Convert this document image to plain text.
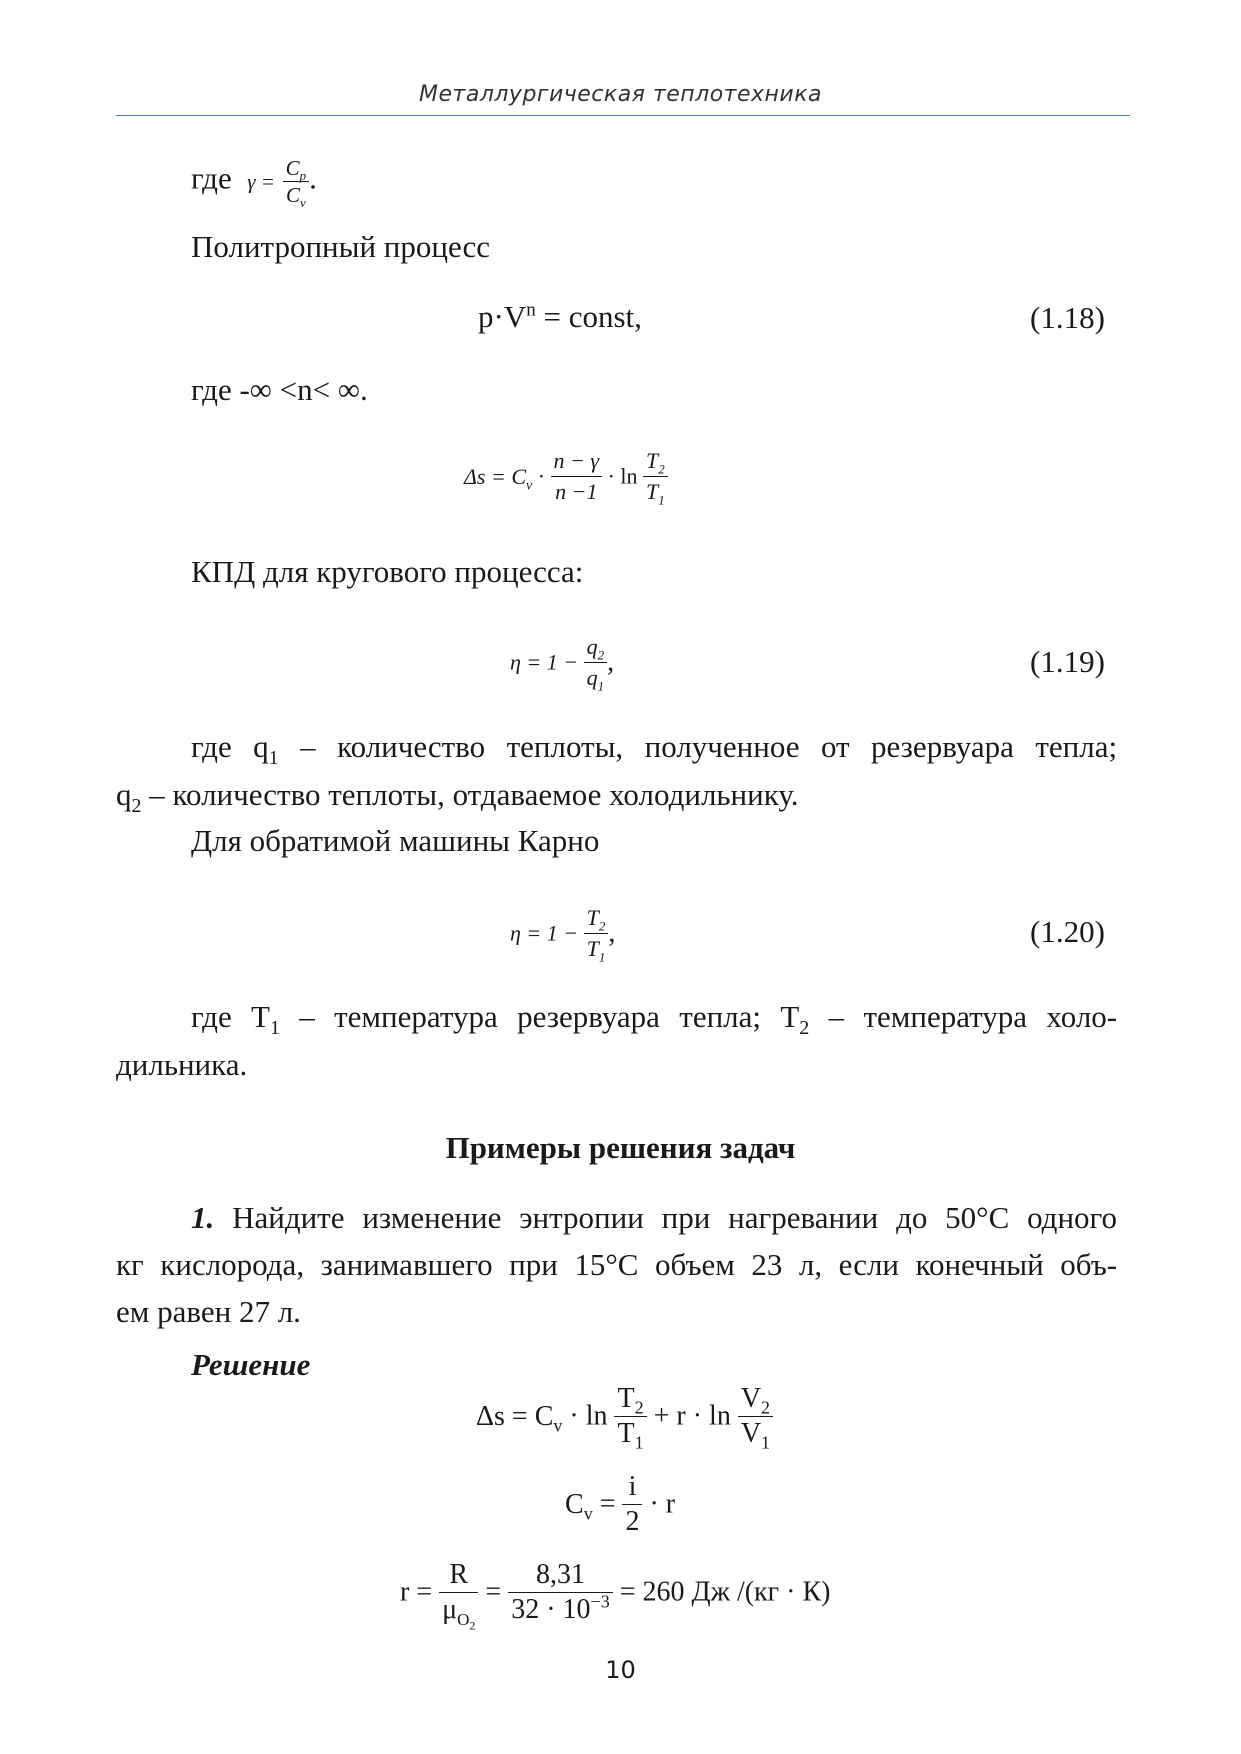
Металлургическая теплотехника
где $\gamma = \frac{C_p}{C_v}$ .
Политропный процесс
$p\cdot V^n$ = const,	(1.18)
где -∞ <n< ∞.
$\Delta s = C_v \cdot \frac{n - \gamma}{n -1} \cdot \ln \frac{T_2}{T_1}$
КПД для кругового процесса:
$\eta = 1 - \frac{q_2}{q_1}$ ,	(1.19)
где $q_1$ – количество теплоты, полученное от резервуара тепла;
$q_2$ – количество теплоты, отдаваемое холодильнику.
Для обратимой машины Карно
$\eta = 1 - \frac{T_2}{T_1}$ ,	(1.20)
где $T_1$ – температура резервуара тепла; $T_2$ – температура холо-
дильника.
Примеры решения задач
1. Найдите изменение энтропии при нагревании до 50°С одного
кг кислорода, занимавшего при 15°С объем 23 л, если конечный объ-
ем равен 27 л.
Решение
$\Delta s = C_v \cdot \ln \frac{T_2}{T_1} + r \cdot \ln \frac{V_2}{V_1}$
$C_v = \frac{i}{2} \cdot r$
$r = \frac{R}{\mu_{O_2}} = \frac{8,31}{32 \cdot 10^{-3}} = 260$ Дж /(кг · К)
10
